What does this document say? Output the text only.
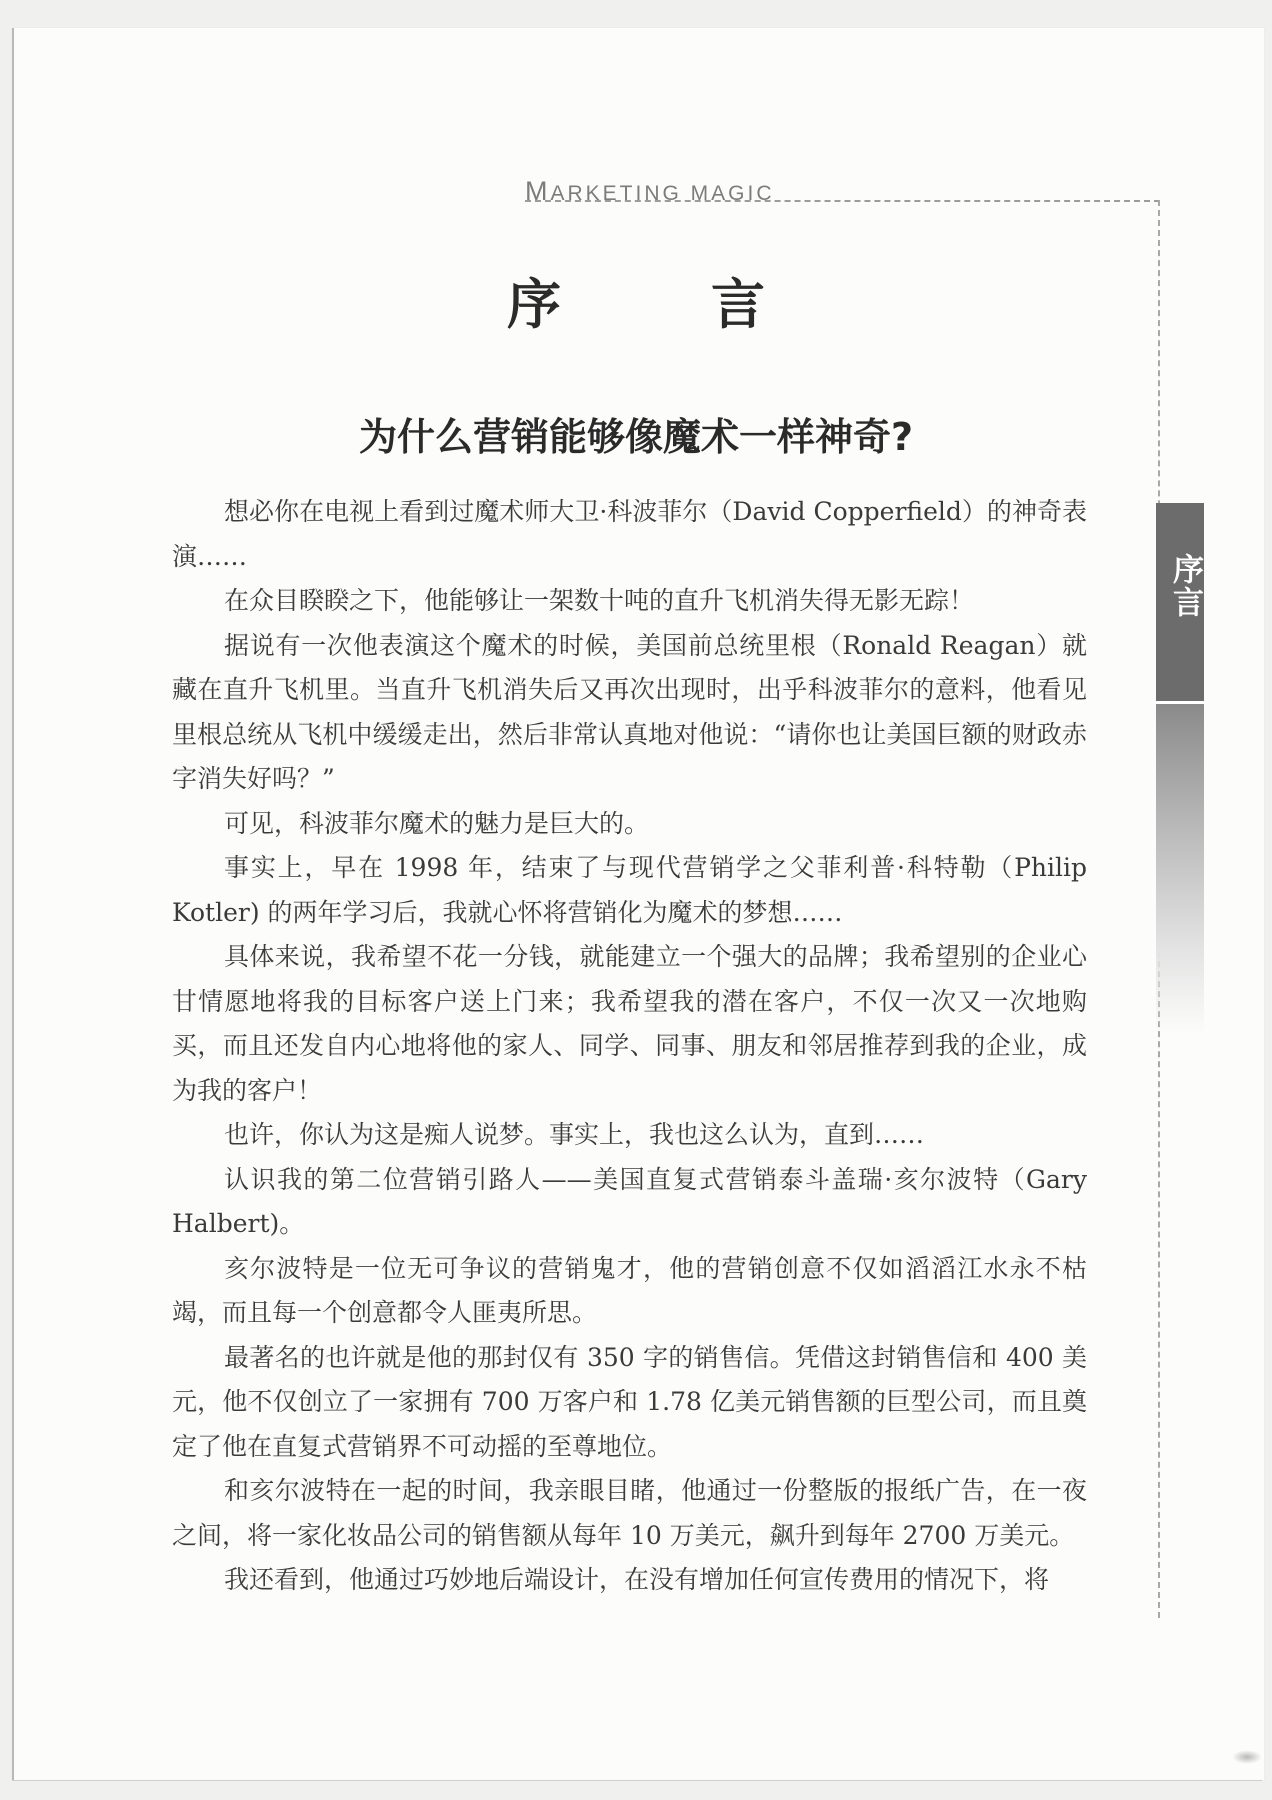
MARKETING MAGIC
序　言
为什么营销能够像魔术一样神奇?
序言

想必你在电视上看到过魔术师大卫·科波菲尔（David Copperfield）的神奇表演……

在众目睽睽之下，他能够让一架数十吨的直升飞机消失得无影无踪！

据说有一次他表演这个魔术的时候，美国前总统里根（Ronald Reagan）就藏在直升飞机里。当直升飞机消失后又再次出现时，出乎科波菲尔的意料，他看见里根总统从飞机中缓缓走出，然后非常认真地对他说：“请你也让美国巨额的财政赤字消失好吗？”

可见，科波菲尔魔术的魅力是巨大的。

事实上，早在 1998 年，结束了与现代营销学之父菲利普·科特勒（Philip Kotler) 的两年学习后，我就心怀将营销化为魔术的梦想……

具体来说，我希望不花一分钱，就能建立一个强大的品牌；我希望别的企业心甘情愿地将我的目标客户送上门来；我希望我的潜在客户，不仅一次又一次地购买，而且还发自内心地将他的家人、同学、同事、朋友和邻居推荐到我的企业，成为我的客户！

也许，你认为这是痴人说梦。事实上，我也这么认为，直到……

认识我的第二位营销引路人——美国直复式营销泰斗盖瑞·亥尔波特（Gary Halbert)。

亥尔波特是一位无可争议的营销鬼才，他的营销创意不仅如滔滔江水永不枯竭，而且每一个创意都令人匪夷所思。

最著名的也许就是他的那封仅有 350 字的销售信。凭借这封销售信和 400 美元，他不仅创立了一家拥有 700 万客户和 1.78 亿美元销售额的巨型公司，而且奠定了他在直复式营销界不可动摇的至尊地位。

和亥尔波特在一起的时间，我亲眼目睹，他通过一份整版的报纸广告，在一夜之间，将一家化妆品公司的销售额从每年 10 万美元，飙升到每年 2700 万美元。

我还看到，他通过巧妙地后端设计，在没有增加任何宣传费用的情况下，将
